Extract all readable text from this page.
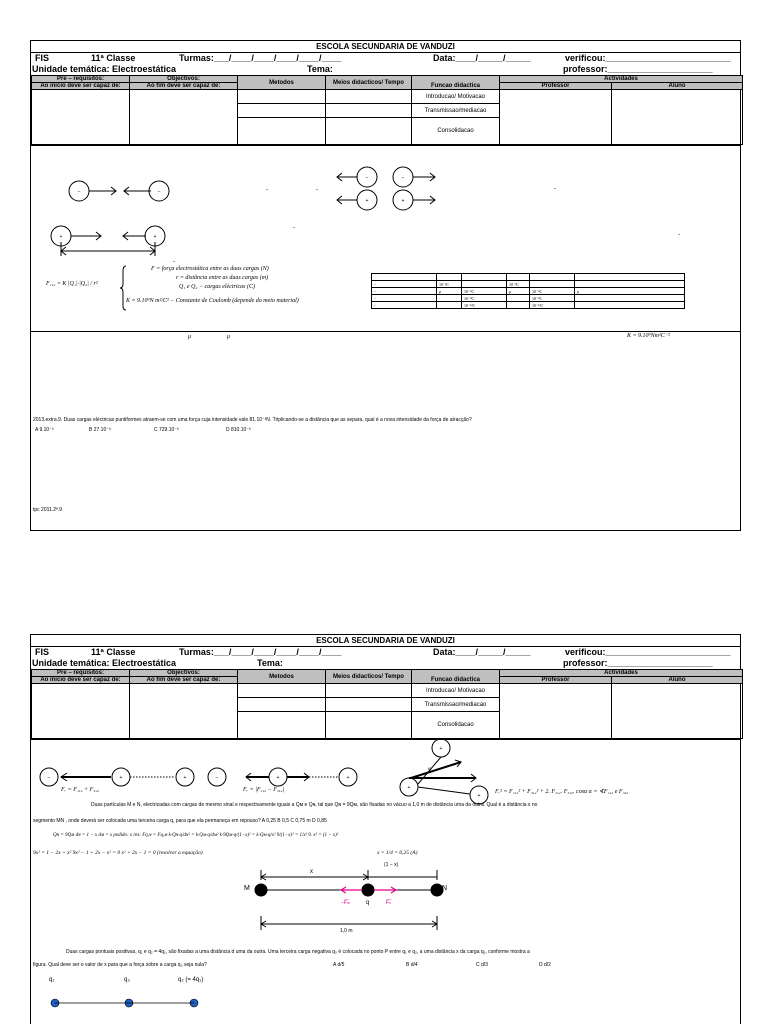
ESCOLA SECUNDARIA DE VANDUZI
FIS	11ª Classe	Turmas:___/____/____/____/____/____	Data:____/_____/_____	verificou:_________________________
Unidade temática: Electroestática	Tema:	professor:_____________________
Pre – requisitos:	Objectivos:	Metodos	Meios didacticos/ Tempo	Funcao didactica	Actividades	
Ao inicio deve ser capaz de:	Ao fim deve ser capaz de:				Professor	Aluno
				Introducao/ Motivacao		
				Transmissao/mediacao		
				Consolidacao		
−	−
−	−
+	+
+	+
-	-	-
-
-
-
F₁,₂ = K |Q₁|·|Q₂| / r²
F = força electrostática entre as duas cargas (N)
r = distância entre as duas cargas (m)
Q₁ e Q₂ − cargas eléctricas (C)
K = 9.10⁹N m²/C² − Constante de Coulomb (depende do meio material)

−	10⁻³C		10⁻³C		
−	μ	10⁻⁶C	μ	10⁻⁶C	μ
−		10⁻⁹C		10⁻⁹C	
−		10⁻¹²C		10⁻¹²C	
μ	μ	K = 9.10⁹Nm²C⁻²
2013.extra.9. Duas cargas eléctricas puntiformes atraem-se com uma força cuja intensidade vale 81.10⁻³N. Triplicando-se a distância que as separa, qual é a nova intensidade da força de atracção?
A 9.10⁻³	B 27.10⁻³	C 729.10⁻³	D 810.10⁻³
tpc 2011.2ª.9
ESCOLA SECUNDARIA DE VANDUZI
FIS	11ª Classe	Turmas:___/____/____/____/____/____	Data:____/_____/_____	verificou:_________________________
Unidade temática: Electroestática	Tema:	professor:_____________________
Pre – requisitos:	Objectivos:	Metodos	Meios didacticos/ Tempo	Funcao didactica	Actividades	
Ao inicio deve ser capaz de:	Ao fim deve ser capaz de:				Professor	Aluno
				Introducao/ Motivacao		
				Transmissao/mediacao		
				Consolidacao		
−	+	+	−	+	+
+
+
+
Fᵣ = F₁,₂ + F₃,₂	Fᵣ = |F₁,₂ − F₃,₂|
α
Fᵣ² = F₁,₂² + F₃,₂² + 2. F₁,₂. F₃,₂. cosα α = ∢F₁,₂ e F₃,₂
Duas partículas M e N, electrizadas com cargas de mesmo sinal e respectivamente iguais a Qм e Qɴ, tal que Qɴ = 9Qм, são fixadas no vácuo a 1,0 m de distância uma da outra. Qual é a distância x no
segmento MN , onde deverá ser colocada uma terceira carga q, para que ela permaneça em repouso? A 0,25 B 0,5 C 0,75 m D 0,85
Qɴ = 9Qм dɴ = 1 − x dм = x pedido: x res: Fq,ɴ = Fq,м k·Qɴ·q/dɴ² = k·Qм·q/dм² k·9Qм·q/(1−x)² = k·Qм·q/x² 9/(1−x)² = 1/x² 9. x² = (1 − x)²
9x² = 1 − 2x + x² 9x² − 1 + 2x − x² = 0 x² + 2x − 1 = 0 (resolver a equação)	x = 1/4 = 0,25 (A)
M	N
q
x
(1 − x)
−F͞ₘ	F͞ₙ
1,0 m
Duas cargas pontuais positivas, q₁ e q₂ = 4q₁, são fixadas a uma distância d uma da outra. Uma terceira carga negativa q₃ é colocada no ponto P entre q₁ e q₂, a uma distância x da carga q₁, conforme mostra a
figura. Qual deve ser o valor de x para que a força sobre a carga q₃ seja nula?	A d/5	B d/4	C d/3	D d/2
q₁	q₃	q₂ (= 4q₁)
